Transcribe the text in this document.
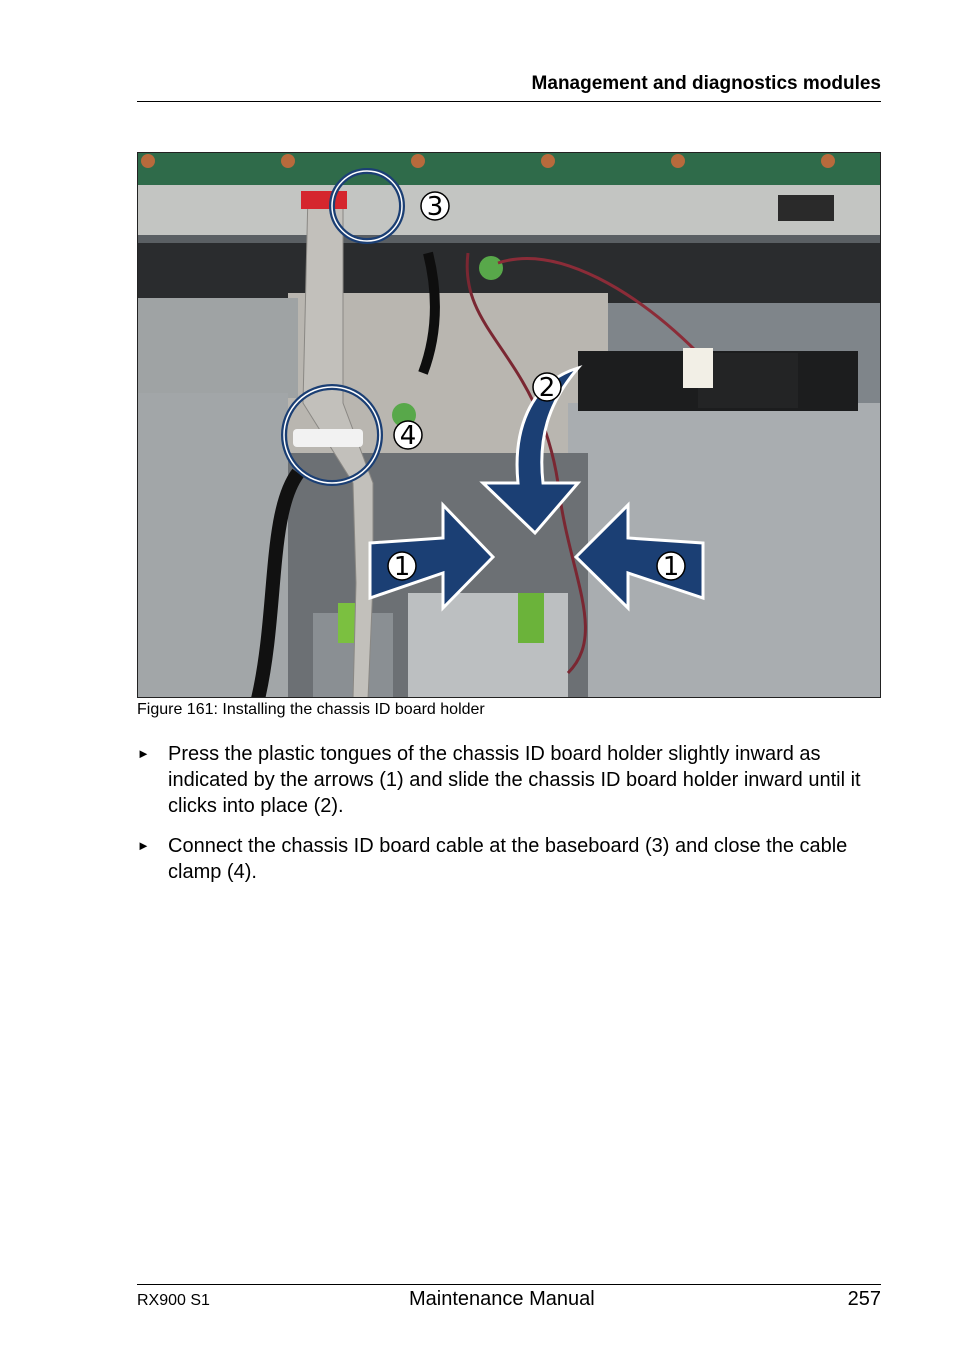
Management and diagnostics modules
3
4
2
1	1
Figure 161: Installing the chassis ID board holder
► Press the plastic tongues of the chassis ID board holder slightly inward as indicated by the arrows (1) and slide the chassis ID board holder inward until it clicks into place (2).
► Connect the chassis ID board cable at the baseboard (3) and close the cable clamp (4).
RX900 S1	Maintenance Manual	257
